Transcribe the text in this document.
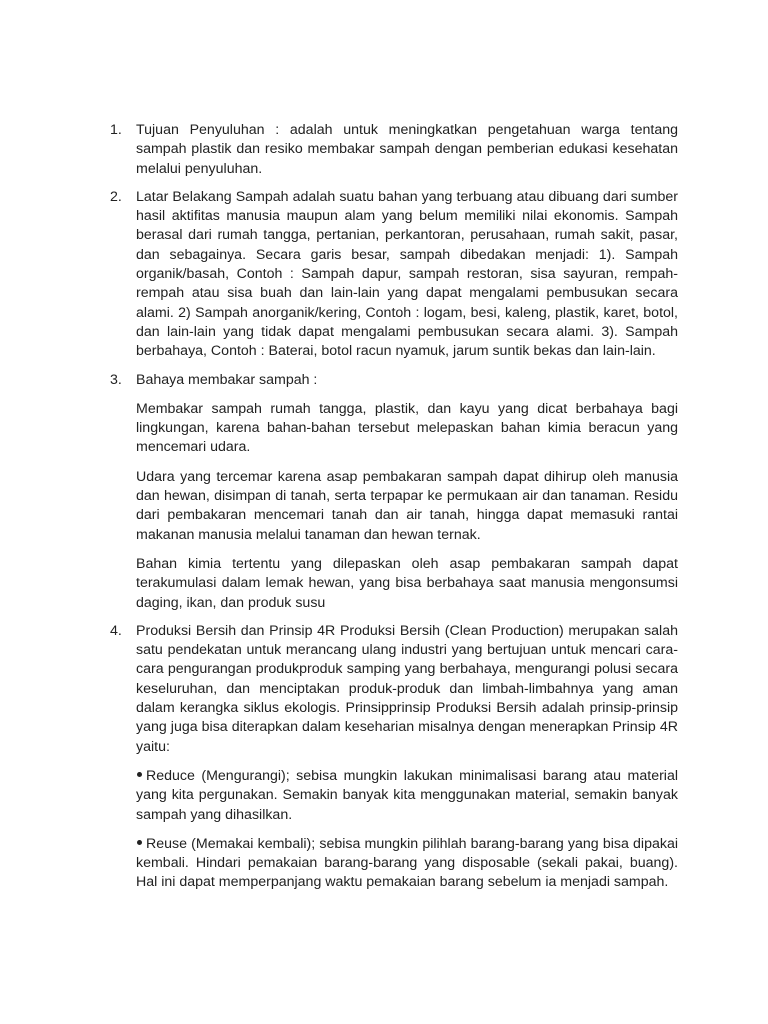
1. Tujuan Penyuluhan : adalah untuk meningkatkan pengetahuan warga tentang sampah plastik dan resiko membakar sampah dengan pemberian edukasi kesehatan melalui penyuluhan.

2. Latar Belakang Sampah adalah suatu bahan yang terbuang atau dibuang dari sumber hasil aktifitas manusia maupun alam yang belum memiliki nilai ekonomis. Sampah berasal dari rumah tangga, pertanian, perkantoran, perusahaan, rumah sakit, pasar, dan sebagainya. Secara garis besar, sampah dibedakan menjadi: 1). Sampah organik/basah, Contoh : Sampah dapur, sampah restoran, sisa sayuran, rempah-rempah atau sisa buah dan lain-lain yang dapat mengalami pembusukan secara alami. 2) Sampah anorganik/kering, Contoh : logam, besi, kaleng, plastik, karet, botol, dan lain-lain yang tidak dapat mengalami pembusukan secara alami. 3). Sampah berbahaya, Contoh : Baterai, botol racun nyamuk, jarum suntik bekas dan lain-lain.

3. Bahaya membakar sampah :

Membakar sampah rumah tangga, plastik, dan kayu yang dicat berbahaya bagi lingkungan, karena bahan-bahan tersebut melepaskan bahan kimia beracun yang mencemari udara.

Udara yang tercemar karena asap pembakaran sampah dapat dihirup oleh manusia dan hewan, disimpan di tanah, serta terpapar ke permukaan air dan tanaman. Residu dari pembakaran mencemari tanah dan air tanah, hingga dapat memasuki rantai makanan manusia melalui tanaman dan hewan ternak.

Bahan kimia tertentu yang dilepaskan oleh asap pembakaran sampah dapat terakumulasi dalam lemak hewan, yang bisa berbahaya saat manusia mengonsumsi daging, ikan, dan produk susu

4. Produksi Bersih dan Prinsip 4R Produksi Bersih (Clean Production) merupakan salah satu pendekatan untuk merancang ulang industri yang bertujuan untuk mencari cara-cara pengurangan produkproduk samping yang berbahaya, mengurangi polusi secara keseluruhan, dan menciptakan produk-produk dan limbah-limbahnya yang aman dalam kerangka siklus ekologis. Prinsipprinsip Produksi Bersih adalah prinsip-prinsip yang juga bisa diterapkan dalam keseharian misalnya dengan menerapkan Prinsip 4R yaitu:

Reduce (Mengurangi); sebisa mungkin lakukan minimalisasi barang atau material yang kita pergunakan. Semakin banyak kita menggunakan material, semakin banyak sampah yang dihasilkan.

Reuse (Memakai kembali); sebisa mungkin pilihlah barang-barang yang bisa dipakai kembali. Hindari pemakaian barang-barang yang disposable (sekali pakai, buang). Hal ini dapat memperpanjang waktu pemakaian barang sebelum ia menjadi sampah.
